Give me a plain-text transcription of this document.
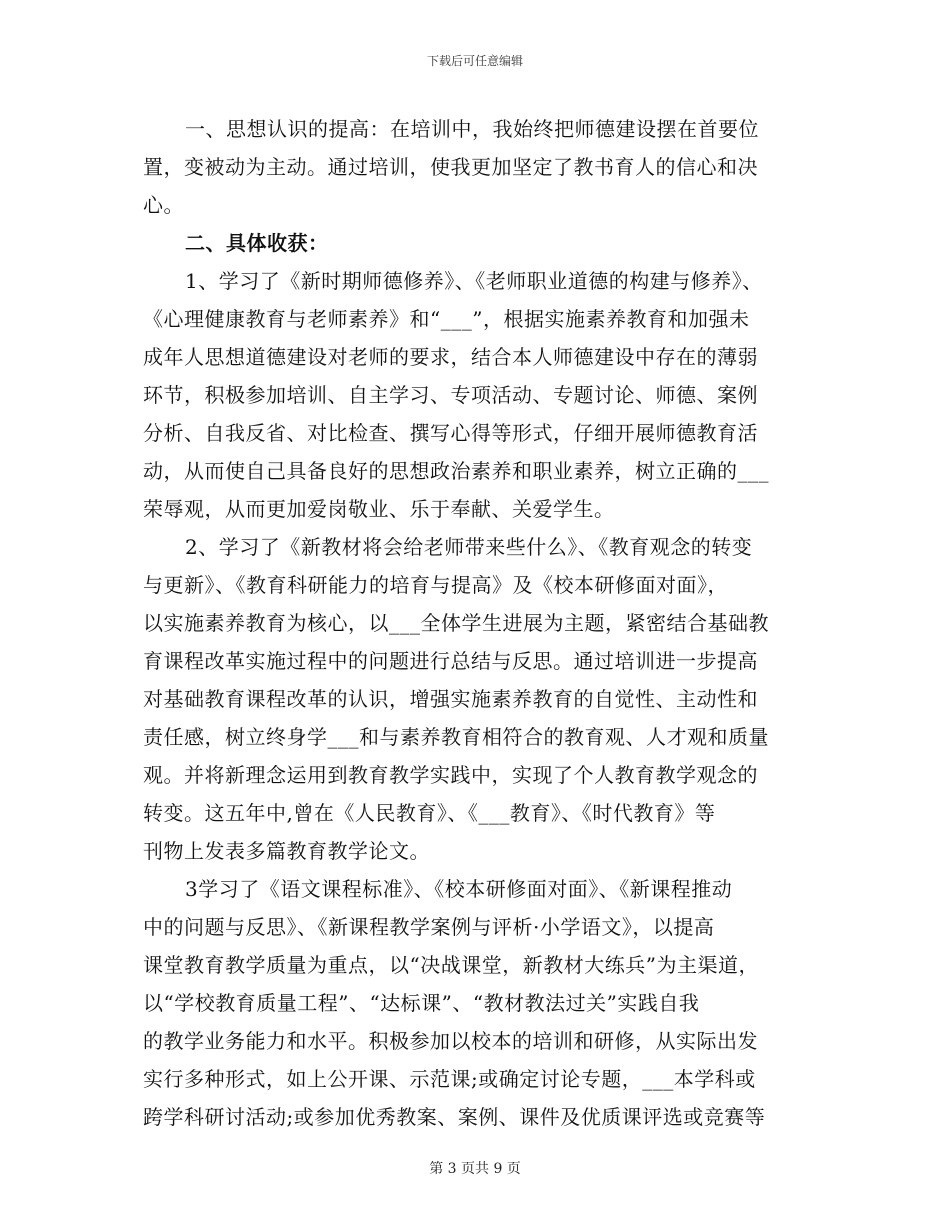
下载后可任意编辑
一、思想认识的提高：在培训中，我始终把师德建设摆在首要位
置，变被动为主动。通过培训，使我更加坚定了教书育人的信心和决
心。
二、具体收获：
1、学习了《新时期师德修养》、《老师职业道德的构建与修养》、
《心理健康教育与老师素养》和“___”，根据实施素养教育和加强未
成年人思想道德建设对老师的要求，结合本人师德建设中存在的薄弱
环节，积极参加培训、自主学习、专项活动、专题讨论、师德、案例
分析、自我反省、对比检查、撰写心得等形式，仔细开展师德教育活
动，从而使自己具备良好的思想政治素养和职业素养，树立正确的___
荣辱观，从而更加爱岗敬业、乐于奉献、关爱学生。
2、学习了《新教材将会给老师带来些什么》、《教育观念的转变
与更新》、《教育科研能力的培育与提高》及《校本研修面对面》，
以实施素养教育为核心，以___全体学生进展为主题，紧密结合基础教
育课程改革实施过程中的问题进行总结与反思。通过培训进一步提高
对基础教育课程改革的认识，增强实施素养教育的自觉性、主动性和
责任感，树立终身学___和与素养教育相符合的教育观、人才观和质量
观。并将新理念运用到教育教学实践中，实现了个人教育教学观念的
转变。这五年中,曾在《人民教育》、《___教育》、《时代教育》等
刊物上发表多篇教育教学论文。
3学习了《语文课程标准》、《校本研修面对面》、《新课程推动
中的问题与反思》、《新课程教学案例与评析·小学语文》，以提高
课堂教育教学质量为重点，以“决战课堂，新教材大练兵”为主渠道，
以“学校教育质量工程”、“达标课”、“教材教法过关”实践自我
的教学业务能力和水平。积极参加以校本的培训和研修，从实际出发
实行多种形式，如上公开课、示范课;或确定讨论专题，___本学科或
跨学科研讨活动;或参加优秀教案、案例、课件及优质课评选或竞赛等
第 3 页共 9 页
